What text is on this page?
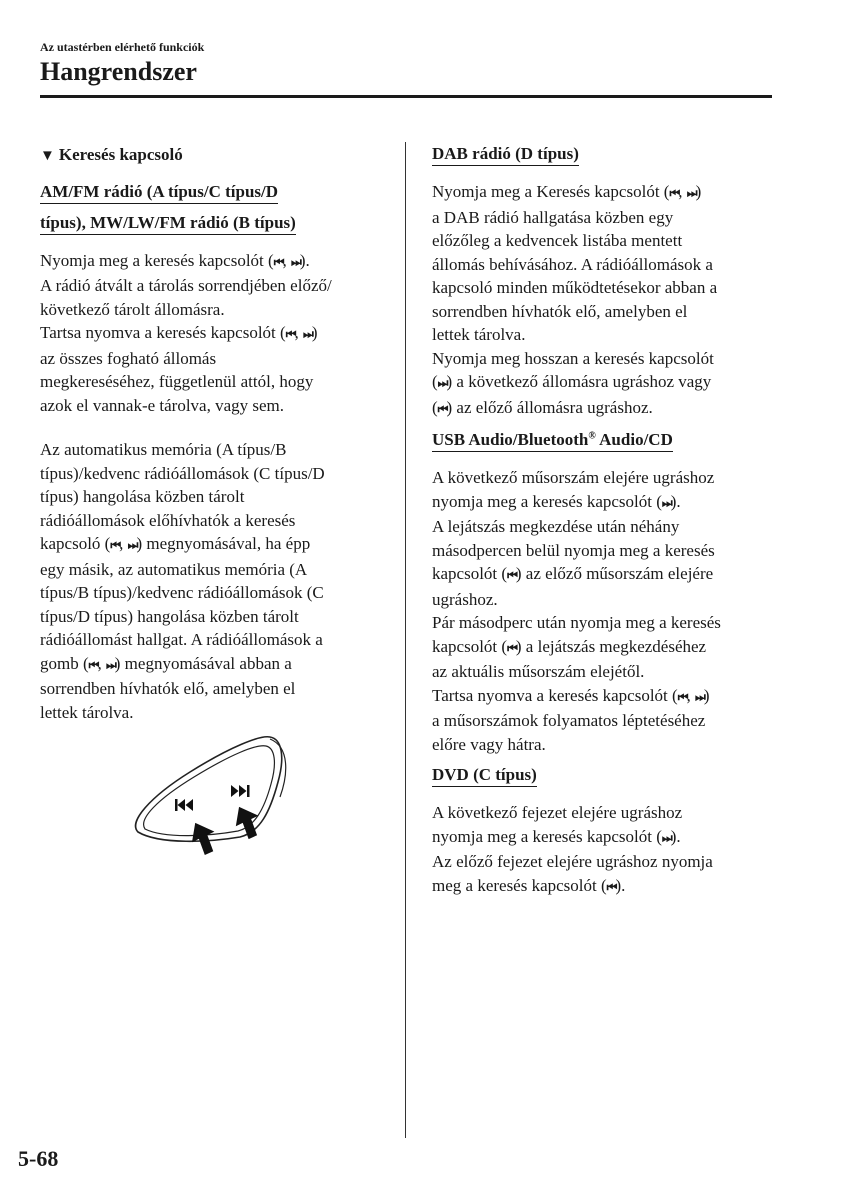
Az utastérben elérhető funkciók
Hangrendszer
▼ Keresés kapcsoló
AM/FM rádió (A típus/C típus/D
típus), MW/LW/FM rádió (B típus)

Nyomja meg a keresés kapcsolót (⏮, ⏭).
A rádió átvált a tárolás sorrendjében előző/
következő tárolt állomásra.
Tartsa nyomva a keresés kapcsolót (⏮, ⏭)
az összes fogható állomás
megkereséséhez, függetlenül attól, hogy
azok el vannak-e tárolva, vagy sem.

Az automatikus memória (A típus/B
típus)/kedvenc rádióállomások (C típus/D
típus) hangolása közben tárolt
rádióállomások előhívhatók a keresés
kapcsoló (⏮, ⏭) megnyomásával, ha épp
egy másik, az automatikus memória (A
típus/B típus)/kedvenc rádióállomások (C
típus/D típus) hangolása közben tárolt
rádióállomást hallgat. A rádióállomások a
gomb (⏮, ⏭) megnyomásával abban a
sorrendben hívhatók elő, amelyben el
lettek tárolva.

DAB rádió (D típus)

Nyomja meg a Keresés kapcsolót (⏮, ⏭)
a DAB rádió hallgatása közben egy
előzőleg a kedvencek listába mentett
állomás behívásához. A rádióállomások a
kapcsoló minden működtetésekor abban a
sorrendben hívhatók elő, amelyben el
lettek tárolva.
Nyomja meg hosszan a keresés kapcsolót
(⏭) a következő állomásra ugráshoz vagy
(⏮) az előző állomásra ugráshoz.

USB Audio/Bluetooth® Audio/CD

A következő műsorszám elejére ugráshoz
nyomja meg a keresés kapcsolót (⏭).
A lejátszás megkezdése után néhány
másodpercen belül nyomja meg a keresés
kapcsolót (⏮) az előző műsorszám elejére
ugráshoz.
Pár másodperc után nyomja meg a keresés
kapcsolót (⏮) a lejátszás megkezdéséhez
az aktuális műsorszám elejétől.
Tartsa nyomva a keresés kapcsolót (⏮, ⏭)
a műsorszámok folyamatos léptetéséhez
előre vagy hátra.

DVD (C típus)

A következő fejezet elejére ugráshoz
nyomja meg a keresés kapcsolót (⏭).
Az előző fejezet elejére ugráshoz nyomja
meg a keresés kapcsolót (⏮).

5-68
